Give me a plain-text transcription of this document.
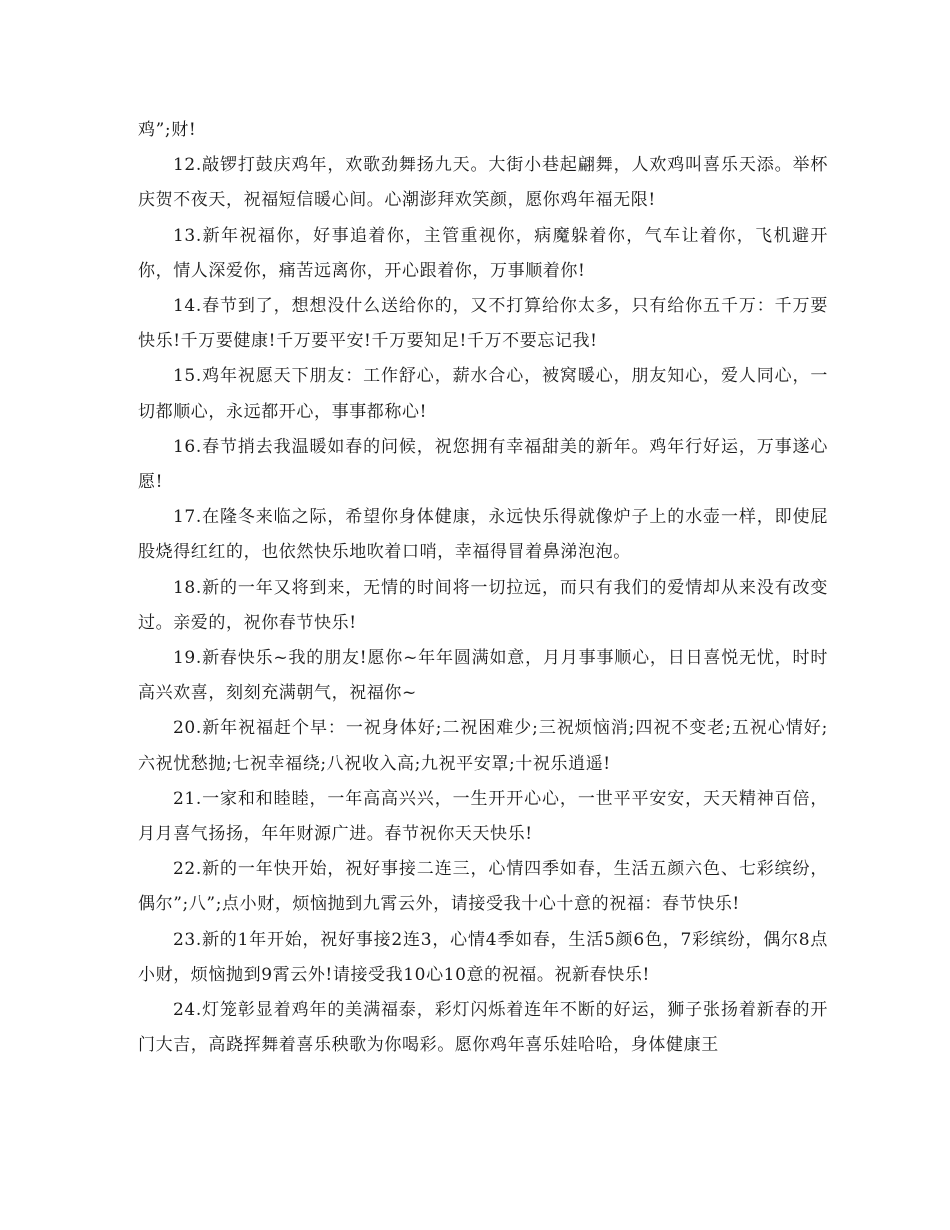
鸡”;财!

12.敲锣打鼓庆鸡年，欢歌劲舞扬九天。大街小巷起翩舞，人欢鸡叫喜乐天添。举杯庆贺不夜天，祝福短信暖心间。心潮澎拜欢笑颜，愿你鸡年福无限!

13.新年祝福你，好事追着你，主管重视你，病魔躲着你，气车让着你，飞机避开你，情人深爱你，痛苦远离你，开心跟着你，万事顺着你!

14.春节到了，想想没什么送给你的，又不打算给你太多，只有给你五千万：千万要快乐!千万要健康!千万要平安!千万要知足!千万不要忘记我!

15.鸡年祝愿天下朋友：工作舒心，薪水合心，被窝暖心，朋友知心，爱人同心，一切都顺心，永远都开心，事事都称心!

16.春节捎去我温暖如春的问候，祝您拥有幸福甜美的新年。鸡年行好运，万事遂心愿!

17.在隆冬来临之际，希望你身体健康，永远快乐得就像炉子上的水壶一样，即使屁股烧得红红的，也依然快乐地吹着口哨，幸福得冒着鼻涕泡泡。

18.新的一年又将到来，无情的时间将一切拉远，而只有我们的爱情却从来没有改变过。亲爱的，祝你春节快乐!

19.新春快乐~我的朋友!愿你~年年圆满如意，月月事事顺心，日日喜悦无忧，时时高兴欢喜，刻刻充满朝气，祝福你~

20.新年祝福赶个早：一祝身体好;二祝困难少;三祝烦恼消;四祝不变老;五祝心情好;六祝忧愁抛;七祝幸福绕;八祝收入高;九祝平安罩;十祝乐逍遥!

21.一家和和睦睦，一年高高兴兴，一生开开心心，一世平平安安，天天精神百倍，月月喜气扬扬，年年财源广进。春节祝你天天快乐!

22.新的一年快开始，祝好事接二连三，心情四季如春，生活五颜六色、七彩缤纷，偶尔”;八”;点小财，烦恼抛到九霄云外，请接受我十心十意的祝福：春节快乐!

23.新的1年开始，祝好事接2连3，心情4季如春，生活5颜6色，7彩缤纷，偶尔8点小财，烦恼抛到9霄云外!请接受我10心10意的祝福。祝新春快乐!

24.灯笼彰显着鸡年的美满福泰，彩灯闪烁着连年不断的好运，狮子张扬着新春的开门大吉，高跷挥舞着喜乐秧歌为你喝彩。愿你鸡年喜乐娃哈哈，身体健康王
